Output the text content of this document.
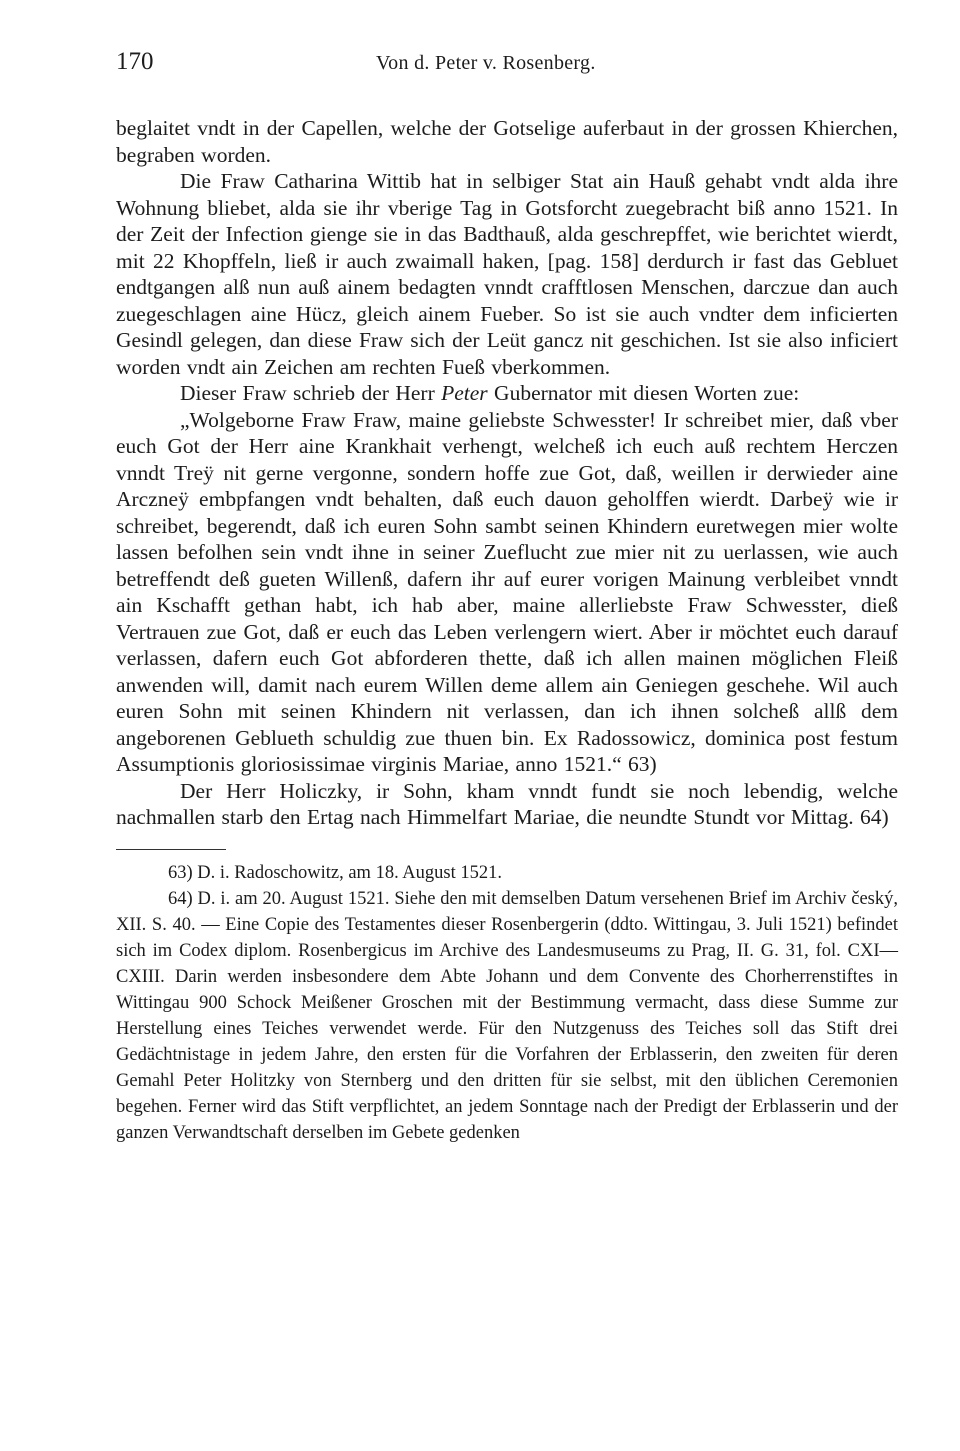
170	Von d. Peter v. Rosenberg.

beglaitet vndt in der Capellen, welche der Gotselige auferbaut in der grossen Khierchen, begraben worden.

Die Fraw Catharina Wittib hat in selbiger Stat ain Hauß gehabt vndt alda ihre Wohnung bliebet, alda sie ihr vberige Tag in Gotsforcht zuegebracht biß anno 1521. In der Zeit der Infection gienge sie in das Badthauß, alda geschrepffet, wie berichtet wierdt, mit 22 Khopffeln, ließ ir auch zwaimall haken, [pag. 158] derdurch ir fast das Gebluet endtgangen alß nun auß ainem bedagten vnndt crafftlosen Menschen, darczue dan auch zuegeschlagen aine Hücz, gleich ainem Fueber. So ist sie auch vndter dem inficierten Gesindl gelegen, dan diese Fraw sich der Leüt gancz nit geschichen. Ist sie also inficiert worden vndt ain Zeichen am rechten Fueß vberkommen.

Dieser Fraw schrieb der Herr Peter Gubernator mit diesen Worten zue:

„Wolgeborne Fraw Fraw, maine geliebste Schwesster! Ir schreibet mier, daß vber euch Got der Herr aine Krankhait verhengt, welcheß ich euch auß rechtem Herczen vnndt Treÿ nit gerne vergonne, sondern hoffe zue Got, daß, weillen ir derwieder aine Arczneÿ embpfangen vndt behalten, daß euch dauon geholffen wierdt. Darbeÿ wie ir schreibet, begerendt, daß ich euren Sohn sambt seinen Khindern euretwegen mier wolte lassen befolhen sein vndt ihne in seiner Zueflucht zue mier nit zu uerlassen, wie auch betreffendt deß gueten Willenß, dafern ihr auf eurer vorigen Mainung verbleibet vnndt ain Kschafft gethan habt, ich hab aber, maine allerliebste Fraw Schwesster, dieß Vertrauen zue Got, daß er euch das Leben verlengern wiert. Aber ir möchtet euch darauf verlassen, dafern euch Got abforderen thette, daß ich allen mainen möglichen Fleiß anwenden will, damit nach eurem Willen deme allem ain Geniegen geschehe. Wil auch euren Sohn mit seinen Khindern nit verlassen, dan ich ihnen solcheß allß dem angeborenen Geblueth schuldig zue thuen bin. Ex Radossowicz, dominica post festum Assumptionis gloriosissimae virginis Mariae, anno 1521.“ 63)

Der Herr Holiczky, ir Sohn, kham vnndt fundt sie noch lebendig, welche nachmallen starb den Ertag nach Himmelfart Mariae, die neundte Stundt vor Mittag. 64)

63) D. i. Radoschowitz, am 18. August 1521.

64) D. i. am 20. August 1521. Siehe den mit demselben Datum versehenen Brief im Archiv český, XII. S. 40. — Eine Copie des Testamentes dieser Rosenbergerin (ddto. Wittingau, 3. Juli 1521) befindet sich im Codex diplom. Rosenbergicus im Archive des Landesmuseums zu Prag, II. G. 31, fol. CXI—CXIII. Darin werden insbesondere dem Abte Johann und dem Convente des Chorherrenstiftes in Wittingau 900 Schock Meißener Groschen mit der Bestimmung vermacht, dass diese Summe zur Herstellung eines Teiches verwendet werde. Für den Nutzgenuss des Teiches soll das Stift drei Gedächtnistage in jedem Jahre, den ersten für die Vorfahren der Erblasserin, den zweiten für deren Gemahl Peter Holitzky von Sternberg und den dritten für sie selbst, mit den üblichen Ceremonien begehen. Ferner wird das Stift verpflichtet, an jedem Sonntage nach der Predigt der Erblasserin und der ganzen Verwandtschaft derselben im Gebete gedenken
